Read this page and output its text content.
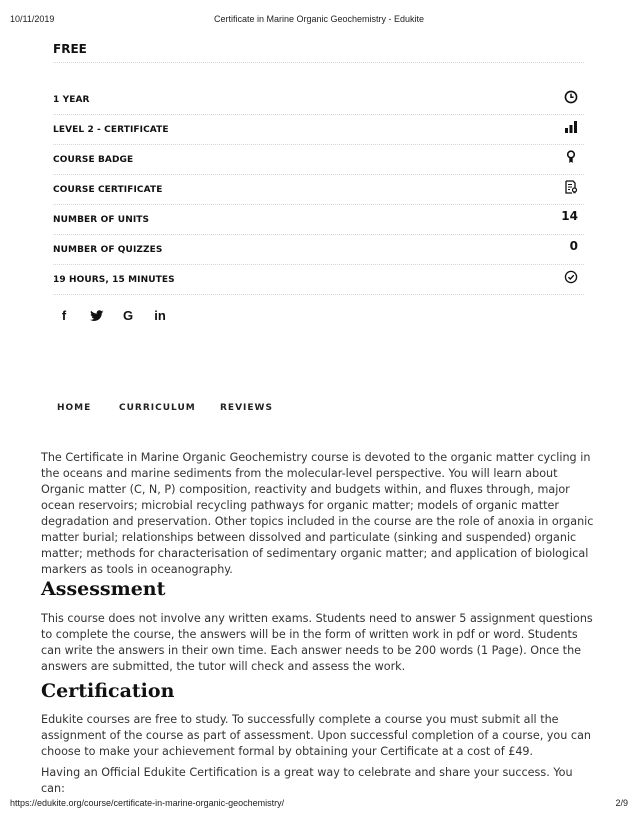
10/11/2019	Certificate in Marine Organic Geochemistry - Edukite
FREE
1 YEAR
LEVEL 2 - CERTIFICATE
COURSE BADGE
COURSE CERTIFICATE
NUMBER OF UNITS	14
NUMBER OF QUIZZES	0
19 HOURS, 15 MINUTES
f	G in
HOME	CURRICULUM	REVIEWS
The Certificate in Marine Organic Geochemistry course is devoted to the organic matter cycling in the oceans and marine sediments from the molecular-level perspective. You will learn about Organic matter (C, N, P) composition, reactivity and budgets within, and fluxes through, major ocean reservoirs; microbial recycling pathways for organic matter; models of organic matter degradation and preservation. Other topics included in the course are the role of anoxia in organic matter burial; relationships between dissolved and particulate (sinking and suspended) organic matter; methods for characterisation of sedimentary organic matter; and application of biological markers as tools in oceanography.
Assessment
This course does not involve any written exams. Students need to answer 5 assignment questions to complete the course, the answers will be in the form of written work in pdf or word. Students can write the answers in their own time. Each answer needs to be 200 words (1 Page). Once the answers are submitted, the tutor will check and assess the work.
Certification
Edukite courses are free to study. To successfully complete a course you must submit all the assignment of the course as part of assessment. Upon successful completion of a course, you can choose to make your achievement formal by obtaining your Certificate at a cost of £49.
Having an Official Edukite Certification is a great way to celebrate and share your success. You can:
https://edukite.org/course/certificate-in-marine-organic-geochemistry/	2/9
